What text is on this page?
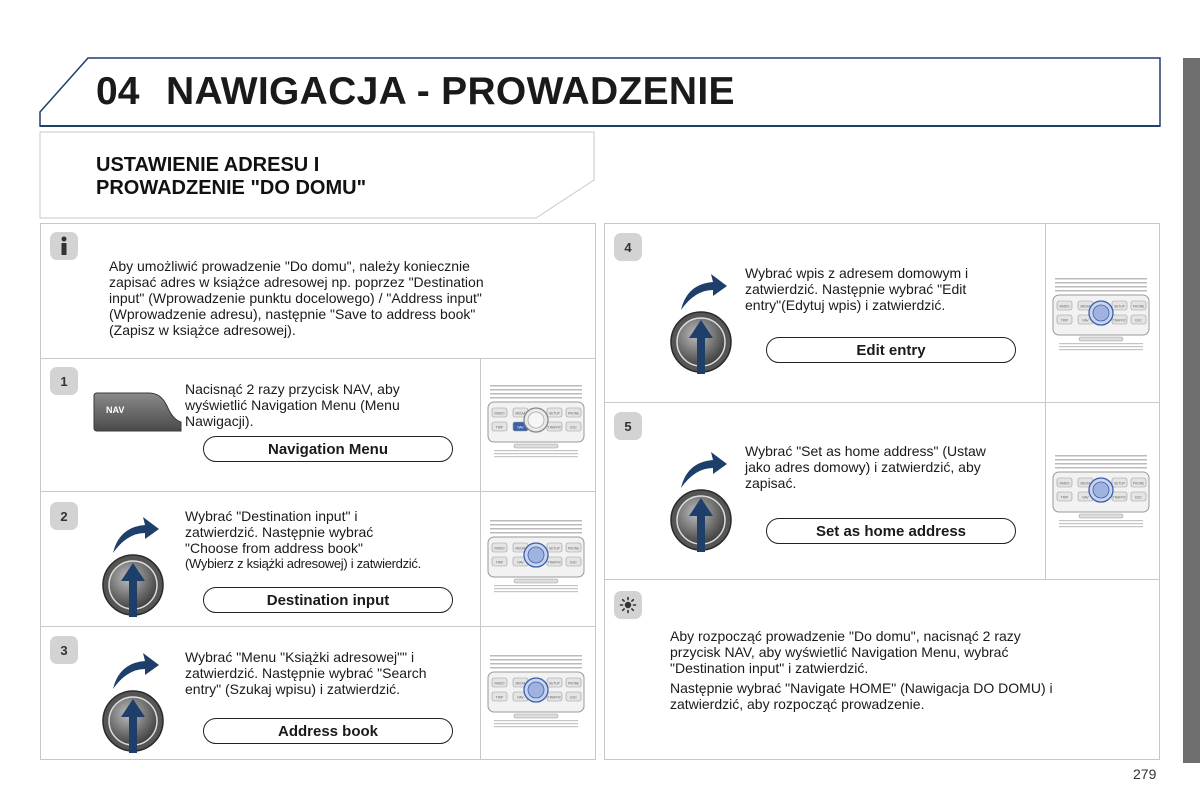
04 NAWIGACJA - PROWADZENIE
USTAWIENIE ADRESU I
PROWADZENIE "DO DOMU"
Aby umożliwić prowadzenie "Do domu", należy koniecznie
zapisać adres w książce adresowej np. poprzez "Destination
input" (Wprowadzenie punktu docelowego) / "Address input"
(Wprowadzenie adresu), następnie "Save to address book"
(Zapisz w książce adresowej).
1
NAV
Nacisnąć 2 razy przycisk NAV, aby
wyświetlić Navigation Menu (Menu
Nawigacji).
Navigation Menu
2	Wybrać "Destination input" i
zatwierdzić. Następnie wybrać
"Choose from address book"
(Wybierz z książki adresowej) i zatwierdzić.
Destination input
3	Wybrać "Menu "Książki adresowej"" i
zatwierdzić. Następnie wybrać "Search
entry" (Szukaj wpisu) i zatwierdzić.
Address book
4
Wybrać wpis z adresem domowym i
zatwierdzić. Następnie wybrać "Edit
entry"(Edytuj wpis) i zatwierdzić.
Edit entry
5
Wybrać "Set as home address" (Ustaw
jako adres domowy) i zatwierdzić, aby
zapisać.
Set as home address
Aby rozpocząć prowadzenie "Do domu", nacisnąć 2 razy
przycisk NAV, aby wyświetlić Navigation Menu, wybrać
"Destination input" i zatwierdzić.
Następnie wybrać "Navigate HOME" (Nawigacja DO DOMU) i
zatwierdzić, aby rozpocząć prowadzenie.
RADIO	MEDIA	SETUP	PHONE
TRIP	NAV	TRAFFIC	ESC
RADIO	MEDIA	SETUP	PHONE
TRIP	NAV	TRAFFIC	ESC
RADIO	MEDIA	SETUP	PHONE
TRIP	NAV	TRAFFIC	ESC
RADIO	MEDIA	SETUP	PHONE
TRIP	NAV	TRAFFIC	ESC
RADIO	MEDIA	SETUP	PHONE
TRIP	NAV	TRAFFIC	ESC
279
